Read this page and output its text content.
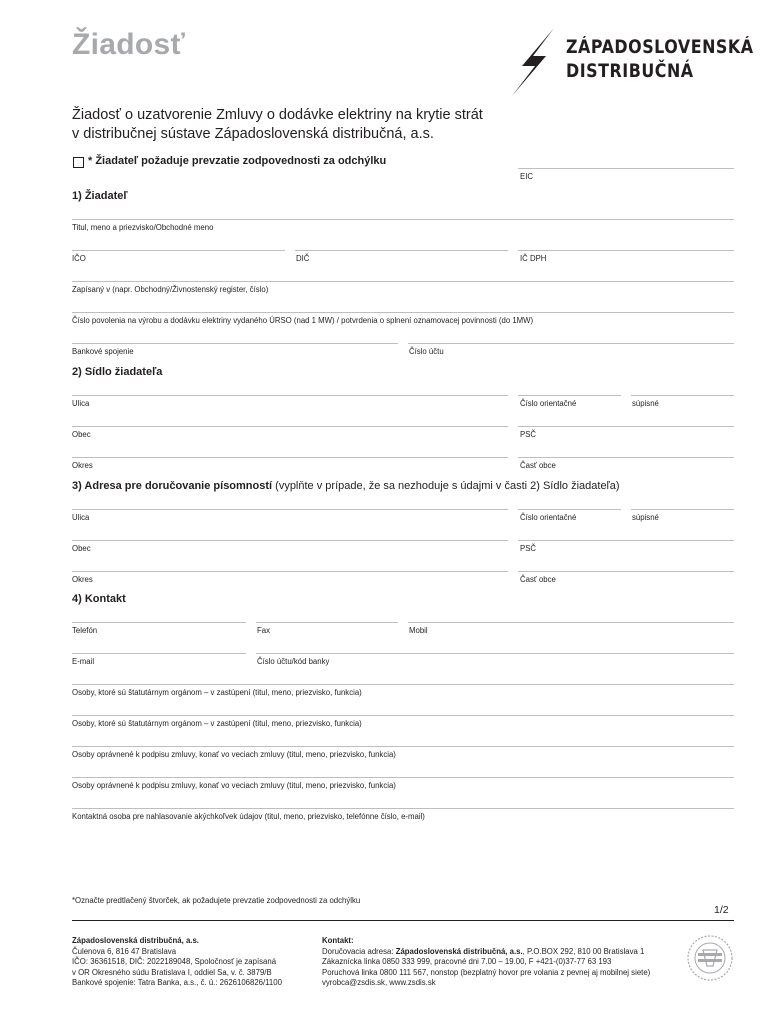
Žiadosť	ZÁPADOSLOVENSKÁ
DISTRIBUČNÁ
Žiadosť o uzatvorenie Zmluvy o dodávke elektriny na krytie strát
v distribučnej sústave Západoslovenská distribučná, a.s.
* Žiadateľ požaduje prevzatie zodpovednosti za odchýlku
EIC
1) Žiadateľ
Titul, meno a priezvisko/Obchodné meno
IČO	DIČ	IČ DPH
Zapísaný v (napr. Obchodný/Živnostenský register, číslo)
Číslo povolenia na výrobu a dodávku elektriny vydaného ÚRSO (nad 1 MW) / potvrdenia o splnení oznamovacej povinnosti (do 1MW)
Bankové spojenie	Číslo účtu
2) Sídlo žiadateľa
Ulica	Číslo orientačné	súpisné
Obec	PSČ
Okres	Časť obce
3) Adresa pre doručovanie písomností (vyplňte v prípade, že sa nezhoduje s údajmi v časti 2) Sídlo žiadateľa)
Ulica	Číslo orientačné	súpisné
Obec	PSČ
Okres	Časť obce
4) Kontakt
Telefón	Fax	Mobil
E-mail	Číslo účtu/kód banky
Osoby, ktoré sú štatutárnym orgánom – v zastúpení (titul, meno, priezvisko, funkcia)
Osoby, ktoré sú štatutárnym orgánom – v zastúpení (titul, meno, priezvisko, funkcia)
Osoby oprávnené k podpisu zmluvy, konať vo veciach zmluvy (titul, meno, priezvisko, funkcia)
Osoby oprávnené k podpisu zmluvy, konať vo veciach zmluvy (titul, meno, priezvisko, funkcia)
Kontaktná osoba pre nahlasovanie akýchkoľvek údajov (titul, meno, priezvisko, telefónne číslo, e-mail)
*Označte predtlačený štvorček, ak požadujete prevzatie zodpovednosti za odchýlku
1/2
Západoslovenská distribučná, a.s.
Čulenova 6, 816 47 Bratislava
IČO: 36361518, DIČ: 2022189048, Spoločnosť je zapísaná
v OR Okresného súdu Bratislava I, oddiel Sa, v. č. 3879/B
Bankové spojenie: Tatra Banka, a.s., č. ú.: 2626106826/1100
Kontakt:
Doručovacia adresa: Západoslovenská distribučná, a.s., P.O.BOX 292, 810 00 Bratislava 1
Zákaznícka linka 0850 333 999, pracovné dni 7.00 – 19.00, F +421-(0)37-77 63 193
Poruchová linka 0800 111 567, nonstop (bezplatný hovor pre volania z pevnej aj mobilnej siete)
vyrobca@zsdis.sk, www.zsdis.sk
